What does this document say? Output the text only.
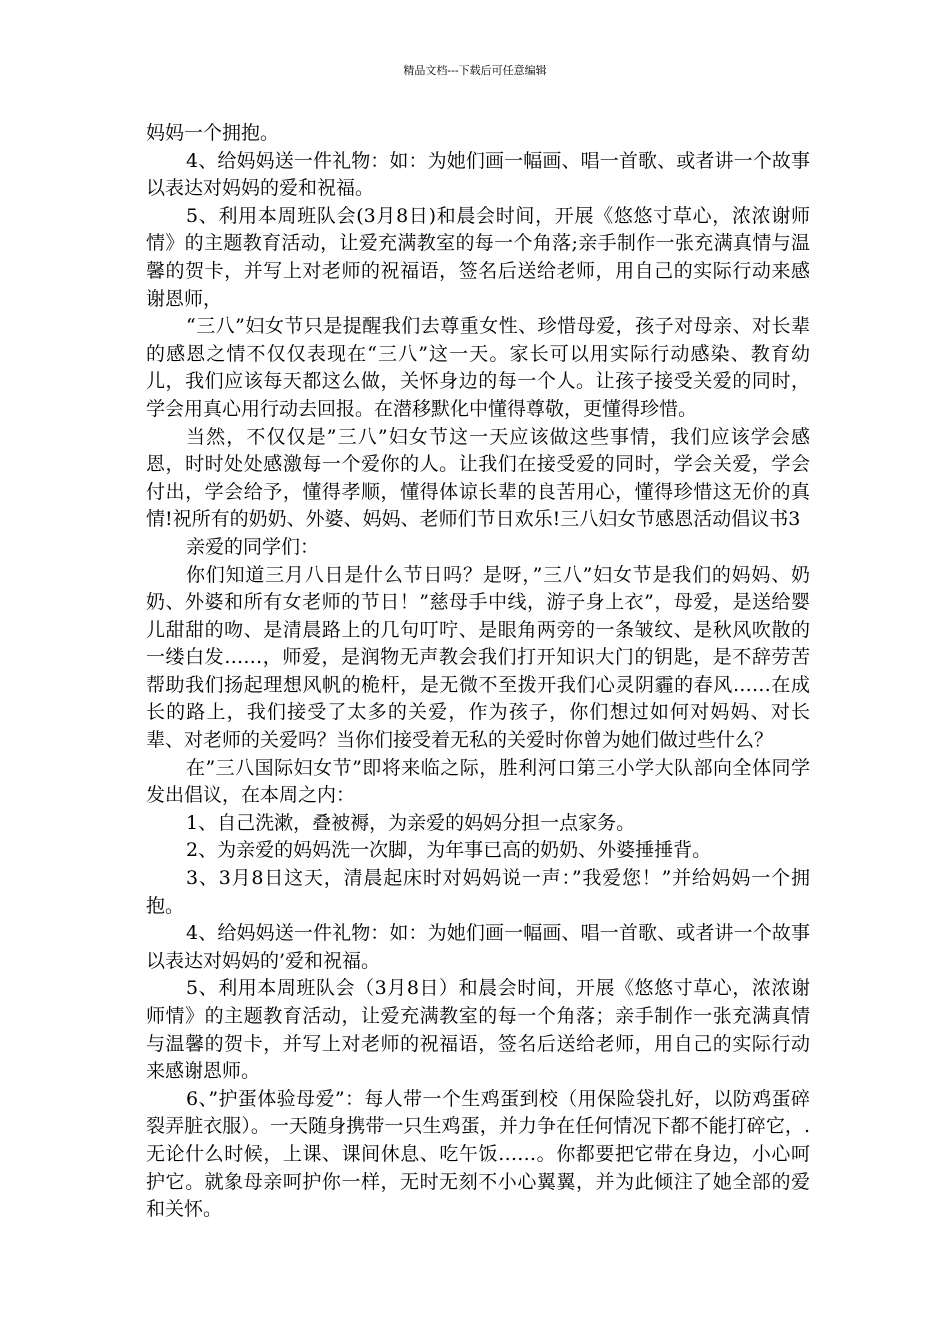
精品文档---下载后可任意编辑

妈妈一个拥抱。

4、给妈妈送一件礼物：如：为她们画一幅画、唱一首歌、或者讲一个故事以表达对妈妈的爱和祝福。

5、利用本周班队会(3月8日)和晨会时间，开展《悠悠寸草心，浓浓谢师情》的主题教育活动，让爱充满教室的每一个角落;亲手制作一张充满真情与温馨的贺卡，并写上对老师的祝福语，签名后送给老师，用自己的实际行动来感谢恩师，

“三八”妇女节只是提醒我们去尊重女性、珍惜母爱，孩子对母亲、对长辈的感恩之情不仅仅表现在“三八”这一天。家长可以用实际行动感染、教育幼儿，我们应该每天都这么做，关怀身边的每一个人。让孩子接受关爱的同时，学会用真心用行动去回报。在潜移默化中懂得尊敬，更懂得珍惜。

当然，不仅仅是”三八”妇女节这一天应该做这些事情，我们应该学会感恩，时时处处感激每一个爱你的人。让我们在接受爱的同时，学会关爱，学会付出，学会给予，懂得孝顺，懂得体谅长辈的良苦用心，懂得珍惜这无价的真情!祝所有的奶奶、外婆、妈妈、老师们节日欢乐!三八妇女节感恩活动倡议书3

亲爱的同学们：

你们知道三月八日是什么节日吗？是呀，”三八”妇女节是我们的妈妈、奶奶、外婆和所有女老师的节日！”慈母手中线，游子身上衣”，母爱，是送给婴儿甜甜的吻、是清晨路上的几句叮咛、是眼角两旁的一条皱纹、是秋风吹散的一缕白发……，师爱，是润物无声教会我们打开知识大门的钥匙，是不辞劳苦帮助我们扬起理想风帆的桅杆，是无微不至拨开我们心灵阴霾的春风……在成长的路上，我们接受了太多的关爱，作为孩子，你们想过如何对妈妈、对长辈、对老师的关爱吗？当你们接受着无私的关爱时你曾为她们做过些什么？

在”三八国际妇女节”即将来临之际，胜利河口第三小学大队部向全体同学发出倡议，在本周之内：

1、自己洗漱，叠被褥，为亲爱的妈妈分担一点家务。

2、为亲爱的妈妈洗一次脚，为年事已高的奶奶、外婆捶捶背。

3、3月8日这天，清晨起床时对妈妈说一声：”我爱您！”并给妈妈一个拥抱。

4、给妈妈送一件礼物：如：为她们画一幅画、唱一首歌、或者讲一个故事以表达对妈妈的’爱和祝福。

5、利用本周班队会（3月8日）和晨会时间，开展《悠悠寸草心，浓浓谢师情》的主题教育活动，让爱充满教室的每一个角落；亲手制作一张充满真情与温馨的贺卡，并写上对老师的祝福语，签名后送给老师，用自己的实际行动来感谢恩师。

6、”护蛋体验母爱”：每人带一个生鸡蛋到校（用保险袋扎好，以防鸡蛋碎裂弄脏衣服）。一天随身携带一只生鸡蛋，并力争在任何情况下都不能打碎它，.无论什么时候，上课、课间休息、吃午饭……。你都要把它带在身边，小心呵护它。就象母亲呵护你一样，无时无刻不小心翼翼，并为此倾注了她全部的爱和关怀。
